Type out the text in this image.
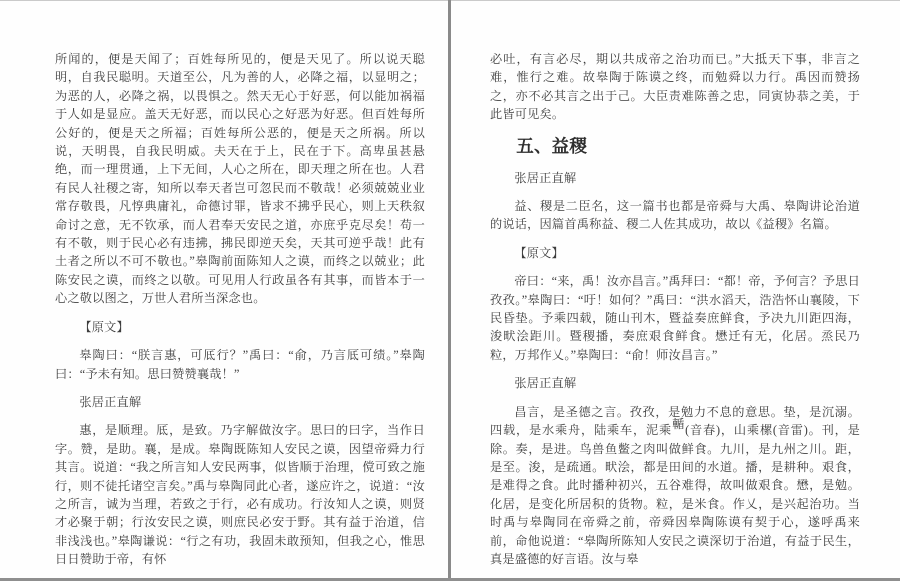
所闻的，便是天闻了；百姓每所见的，便是天见了。所以说天聪明，自我民聪明。天道至公，凡为善的人，必降之福，以显明之；为恶的人，必降之祸，以畏惧之。然天无心于好恶，何以能加祸福于人如是显应。盖天无好恶，而以民心之好恶为好恶。但百姓每所公好的，便是天之所福；百姓每所公恶的，便是天之所祸。所以说，天明畏，自我民明威。夫天在于上，民在于下。高卑虽甚悬绝，而一理贯通，上下无间，人心之所在，即天理之所在也。人君有民人社稷之寄，知所以奉天者岂可忽民而不敬哉！必须兢兢业业常存敬畏，凡惇典庸礼，命德讨罪，皆求不拂乎民心，则上天秩叙命讨之意，无不钦承，而人君奉天安民之道，亦庶乎克尽矣！苟一有不敬，则于民心必有违拂，拂民即逆天矣，天其可逆乎哉！此有土者之所以不可不敬也。”皋陶前面陈知人之谟，而终之以兢业；此陈安民之谟，而终之以敬。可见用人行政虽各有其事，而皆本于一心之敬以图之，万世人君所当深念也。

【原文】

皋陶曰：“朕言惠，可厎行？”禹曰：“俞，乃言厎可绩。”皋陶曰：“予未有知。思曰赞赞襄哉！”

张居正直解

惠，是顺理。厎，是致。乃字解做汝字。思曰的曰字，当作日字。赞，是助。襄，是成。皋陶既陈知人安民之谟，因望帝舜力行其言。说道：“我之所言知人安民两事，似皆顺于治理，傥可致之施行，则不徒托诸空言矣。”禹与皋陶同此心者，遂应许之，说道：“汝之所言，诚为当理，若致之于行，必有成功。行汝知人之谟，则贤才必聚于朝；行汝安民之谟，则庶民必安于野。其有益于治道，信非浅浅也。”皋陶谦说：“行之有功，我固未敢预知，但我之心，惟思日日赞助于帝，有怀

必吐，有言必尽，期以共成帝之治功而已。”大抵天下事，非言之难，惟行之难。故皋陶于陈谟之终，而勉舜以力行。禹因而赞扬之，亦不必其言之出于己。大臣责难陈善之忠，同寅协恭之美，于此皆可见矣。

五、益稷

张居正直解

益、稷是二臣名，这一篇书也都是帝舜与大禹、皋陶讲论治道的说话，因篇首禹称益、稷二人佐其成功，故以《益稷》名篇。

【原文】

帝曰：“来，禹！汝亦昌言。”禹拜曰：“都！帝，予何言？予思日孜孜。”皋陶曰：“吁！如何？”禹曰：“洪水滔天，浩浩怀山襄陵，下民昏垫。予乘四载，随山刊木，暨益奏庶鲜食，予决九川距四海，浚畎浍距川。暨稷播，奏庶艰食鲜食。懋迁有无，化居。烝民乃粒，万邦作乂。”皋陶曰：“俞！师汝昌言。”

张居正直解

昌言，是圣德之言。孜孜，是勉力不息的意思。垫，是沉溺。四载，是水乘舟，陆乘车，泥乘輴(音春)，山乘樏(音雷)。刊，是除。奏，是进。鸟兽鱼鳖之肉叫做鲜食。九川，是九州之川。距，是至。浚，是疏通。畎浍，都是田间的水道。播，是耕种。艰食，是难得之食。此时播种初兴，五谷难得，故叫做艰食。懋，是勉。化居，是变化所居积的货物。粒，是米食。作乂，是兴起治功。当时禹与皋陶同在帝舜之前，帝舜因皋陶陈谟有契于心，遂呼禹来前，命他说道：“皋陶所陈知人安民之谟深切于治道，有益于民生，真是盛德的好言语。汝与皋
